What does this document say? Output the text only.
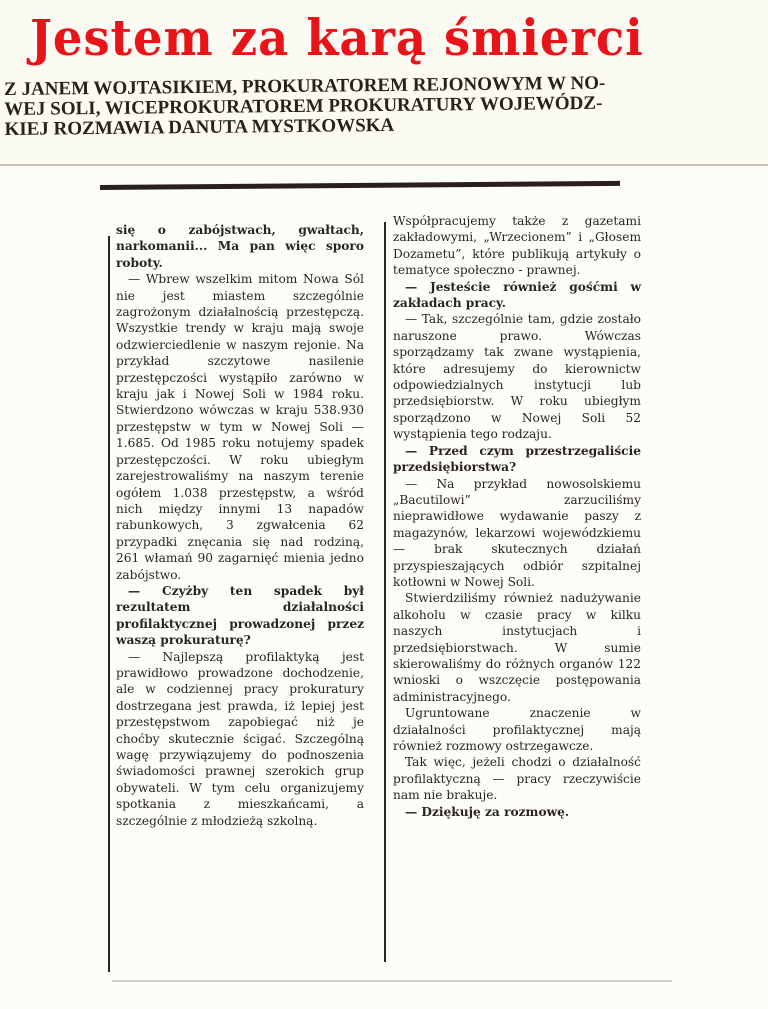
Jestem za karą śmierci
Z JANEM WOJTASIKIEM, PROKURATOREM REJONOWYM W NO-
WEJ SOLI, WICEPROKURATOREM PROKURATURY WOJEWÓDZ-
KIEJ ROZMAWIA DANUTA MYSTKOWSKA

się o zabójstwach, gwałtach, narkomanii... Ma pan więc sporo roboty.

— Wbrew wszelkim mitom Nowa Sól nie jest miastem szczególnie zagrożonym działalnością przestępczą. Wszystkie trendy w kraju mają swoje odzwierciedlenie w naszym rejonie. Na przykład szczytowe nasilenie przestępczości wystąpiło zarówno w kraju jak i Nowej Soli w 1984 roku. Stwierdzono wówczas w kraju 538.930 przestępstw w tym w Nowej Soli — 1.685. Od 1985 roku notujemy spadek przestępczości. W roku ubiegłym zarejestrowaliśmy na naszym terenie ogółem 1.038 przestępstw, a wśród nich między innymi 13 napadów rabunkowych, 3 zgwałcenia 62 przypadki znęcania się nad rodziną, 261 włamań 90 zagarnięć mienia jedno zabójstwo.

— Czyżby ten spadek był rezultatem działalności profilaktycznej prowadzonej przez waszą prokuraturę?

— Najlepszą profilaktyką jest prawidłowo prowadzone dochodzenie, ale w codziennej pracy prokuratury dostrzegana jest prawda, iż lepiej jest przestępstwom zapobiegać niż je choćby skutecznie ścigać. Szczególną wagę przywiązujemy do podnoszenia świadomości prawnej szerokich grup obywateli. W tym celu organizujemy spotkania z mieszkańcami, a szczególnie z młodzieżą szkolną.

Współpracujemy także z gazetami zakładowymi, „Wrzecionem” i „Głosem Dozametu”, które publikują artykuły o tematyce społeczno - prawnej.

— Jesteście również gośćmi w zakładach pracy.

— Tak, szczególnie tam, gdzie zostało naruszone prawo. Wówczas sporządzamy tak zwane wystąpienia, które adresujemy do kierownictw odpowiedzialnych instytucji lub przedsiębiorstw. W roku ubiegłym sporządzono w Nowej Soli 52 wystąpienia tego rodzaju.

— Przed czym przestrzegaliście przedsiębiorstwa?

— Na przykład nowosolskiemu „Bacutilowi” zarzuciliśmy nieprawidłowe wydawanie paszy z magazynów, lekarzowi wojewódzkiemu — brak skutecznych działań przyspieszających odbiór szpitalnej kotłowni w Nowej Soli.

Stwierdziliśmy również nadużywanie alkoholu w czasie pracy w kilku naszych instytucjach i przedsiębiorstwach. W sumie skierowaliśmy do różnych organów 122 wnioski o wszczęcie postępowania administracyjnego.

Ugruntowane znaczenie w działalności profilaktycznej mają również rozmowy ostrzegawcze.

Tak więc, jeżeli chodzi o działalność profilaktyczną — pracy rzeczywiście nam nie brakuje.

— Dziękuję za rozmowę.
